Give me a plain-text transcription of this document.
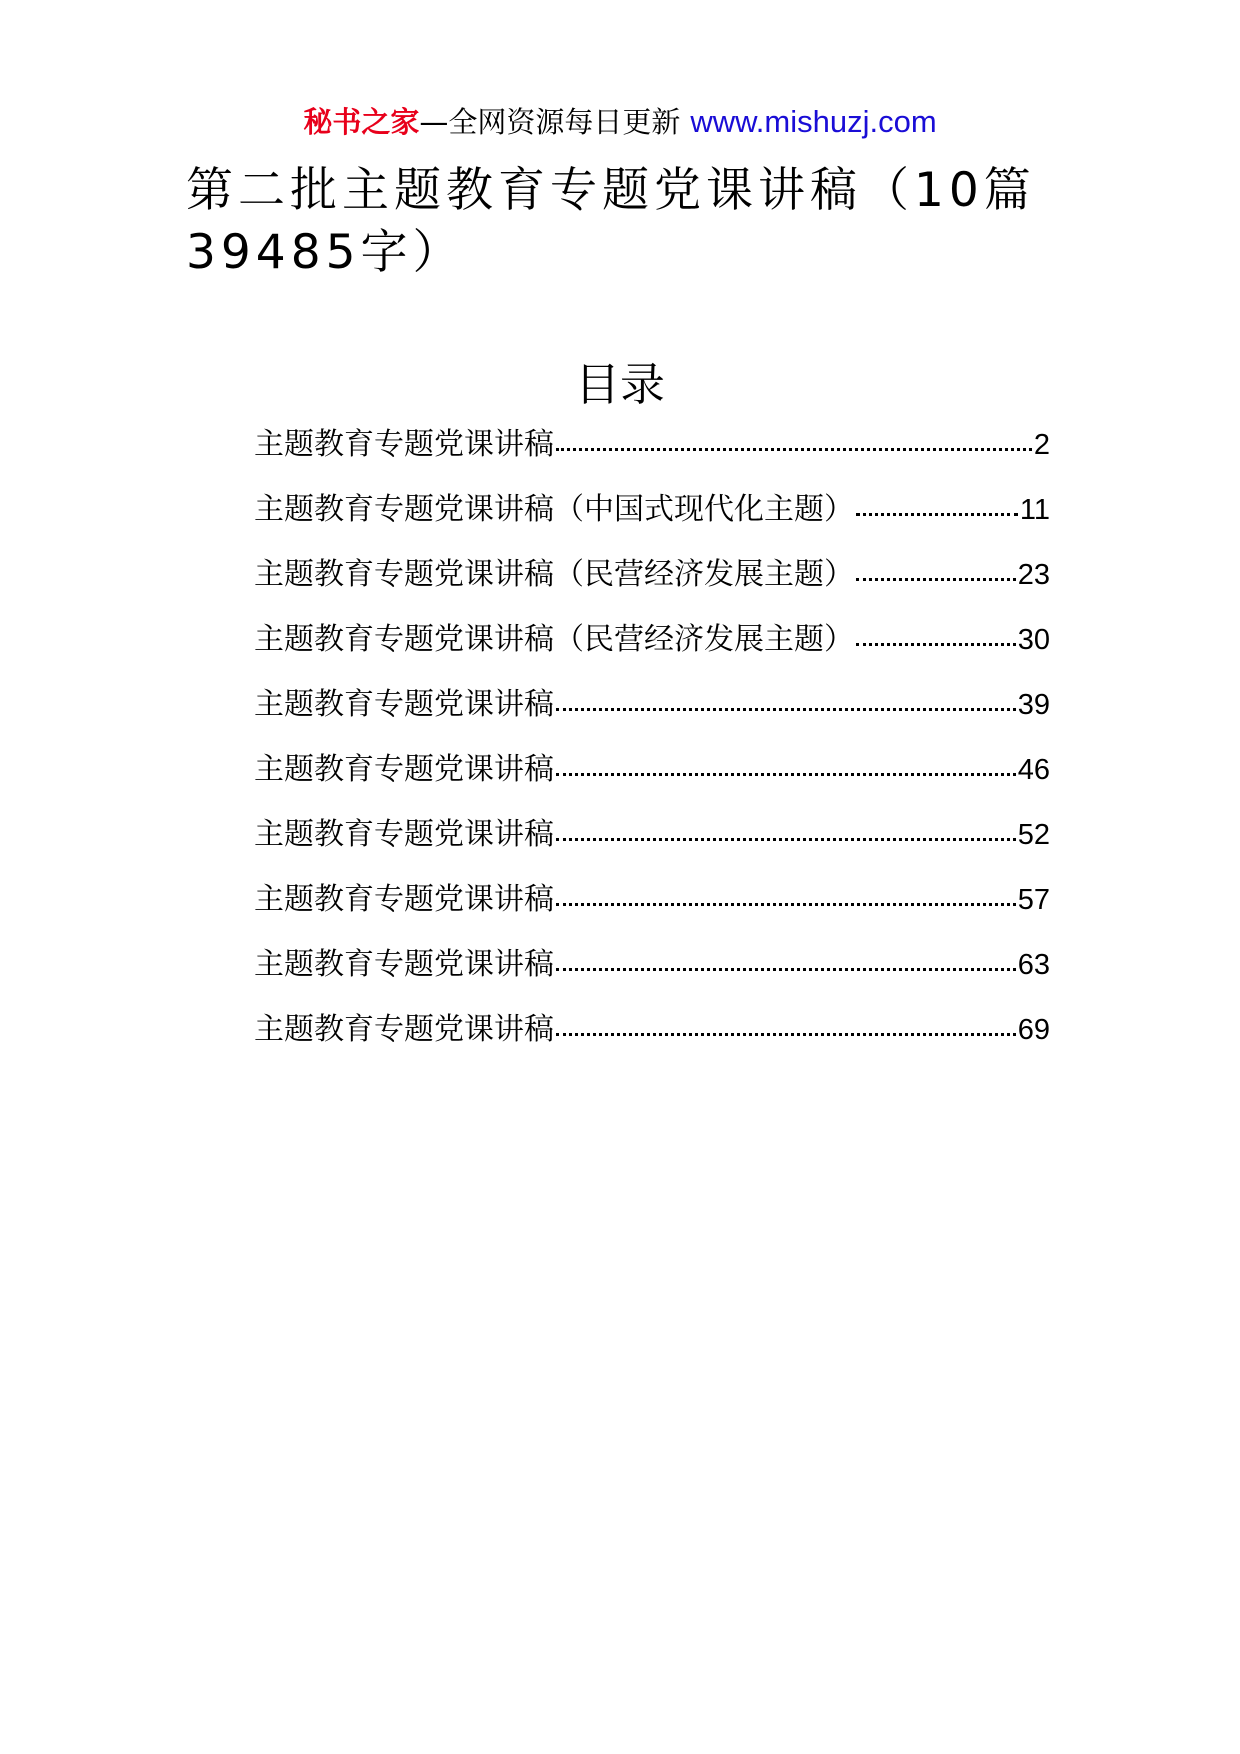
秘书之家—全网资源每日更新 www.mishuzj.com
第二批主题教育专题党课讲稿（10篇
39485字）
目录
主题教育专题党课讲稿	2
主题教育专题党课讲稿（中国式现代化主题）	11
主题教育专题党课讲稿（民营经济发展主题）	23
主题教育专题党课讲稿（民营经济发展主题）	30
主题教育专题党课讲稿	39
主题教育专题党课讲稿	46
主题教育专题党课讲稿	52
主题教育专题党课讲稿	57
主题教育专题党课讲稿	63
主题教育专题党课讲稿	69
